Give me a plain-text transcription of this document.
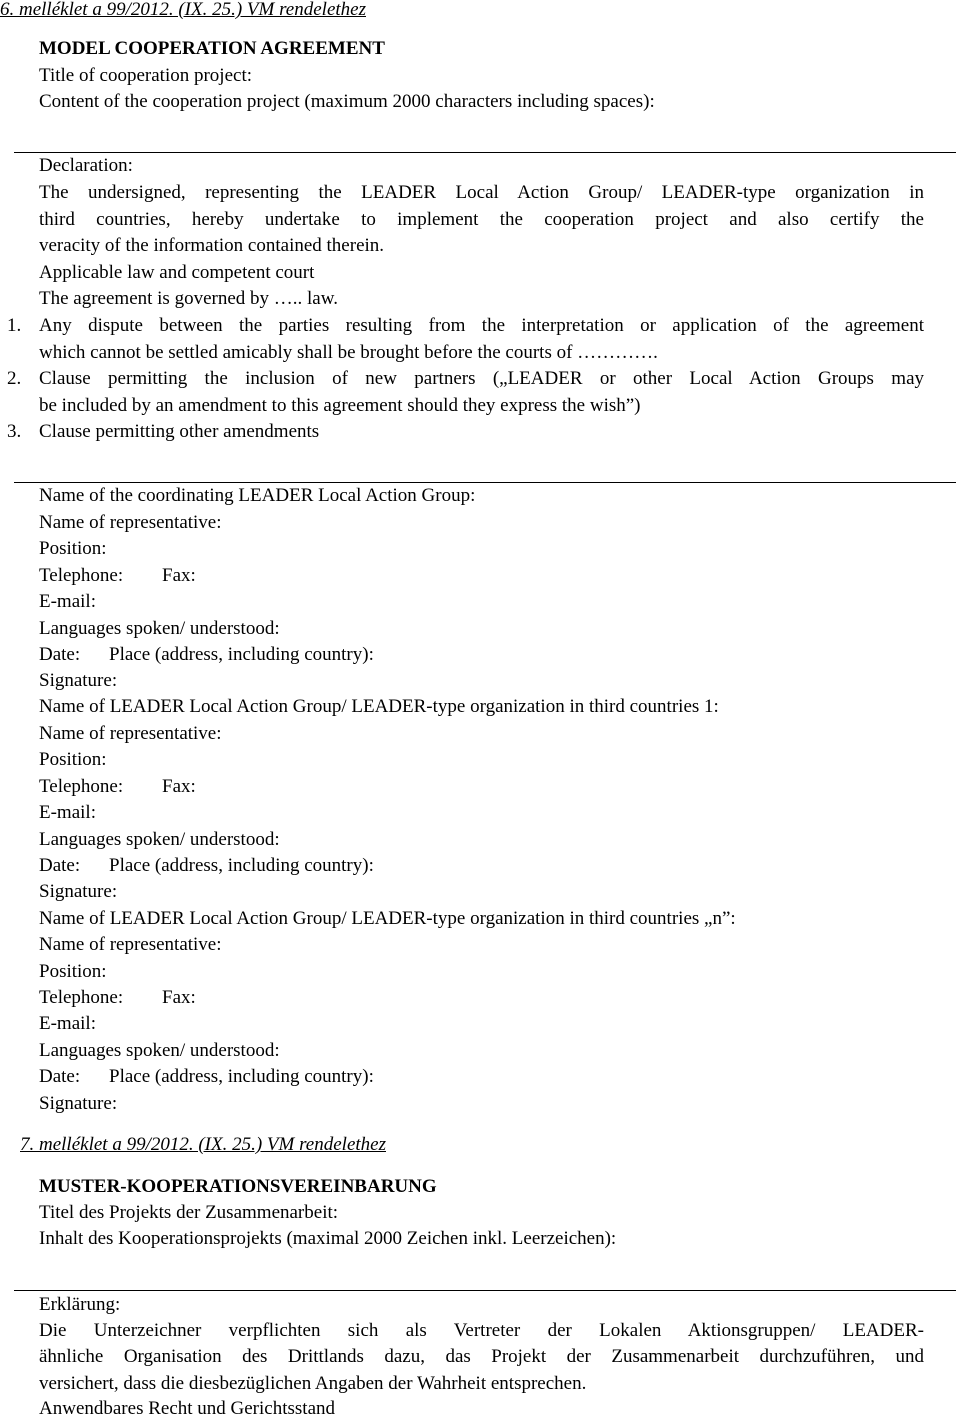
6. melléklet a 99/2012. (IX. 25.) VM rendelethez
MODEL COOPERATION AGREEMENT
Title of cooperation project:
Content of the cooperation project (maximum 2000 characters including spaces):
Declaration:
The undersigned, representing the LEADER Local Action Group/ LEADER-type organization in
third countries, hereby undertake to implement the cooperation project and also certify the
veracity of the information contained therein.
Applicable law and competent court
The agreement is governed by ….. law.
1. Any dispute between the parties resulting from the interpretation or application of the agreement
which cannot be settled amicably shall be brought before the courts of ………….
2. Clause permitting the inclusion of new partners („LEADER or other Local Action Groups may
be included by an amendment to this agreement should they express the wish”)
3. Clause permitting other amendments
Name of the coordinating LEADER Local Action Group:
Name of representative:
Position:
Telephone: Fax:
E-mail:
Languages spoken/ understood:
Date: Place (address, including country):
Signature:
Name of LEADER Local Action Group/ LEADER-type organization in third countries 1:
Name of representative:
Position:
Telephone: Fax:
E-mail:
Languages spoken/ understood:
Date: Place (address, including country):
Signature:
Name of LEADER Local Action Group/ LEADER-type organization in third countries „n”:
Name of representative:
Position:
Telephone: Fax:
E-mail:
Languages spoken/ understood:
Date: Place (address, including country):
Signature:
7. melléklet a 99/2012. (IX. 25.) VM rendelethez
MUSTER-KOOPERATIONSVEREINBARUNG
Titel des Projekts der Zusammenarbeit:
Inhalt des Kooperationsprojekts (maximal 2000 Zeichen inkl. Leerzeichen):
Erklärung:
Die Unterzeichner verpflichten sich als Vertreter der Lokalen Aktionsgruppen/ LEADER-
ähnliche Organisation des Drittlands dazu, das Projekt der Zusammenarbeit durchzuführen, und
versichert, dass die diesbezüglichen Angaben der Wahrheit entsprechen.
Anwendbares Recht und Gerichtsstand
